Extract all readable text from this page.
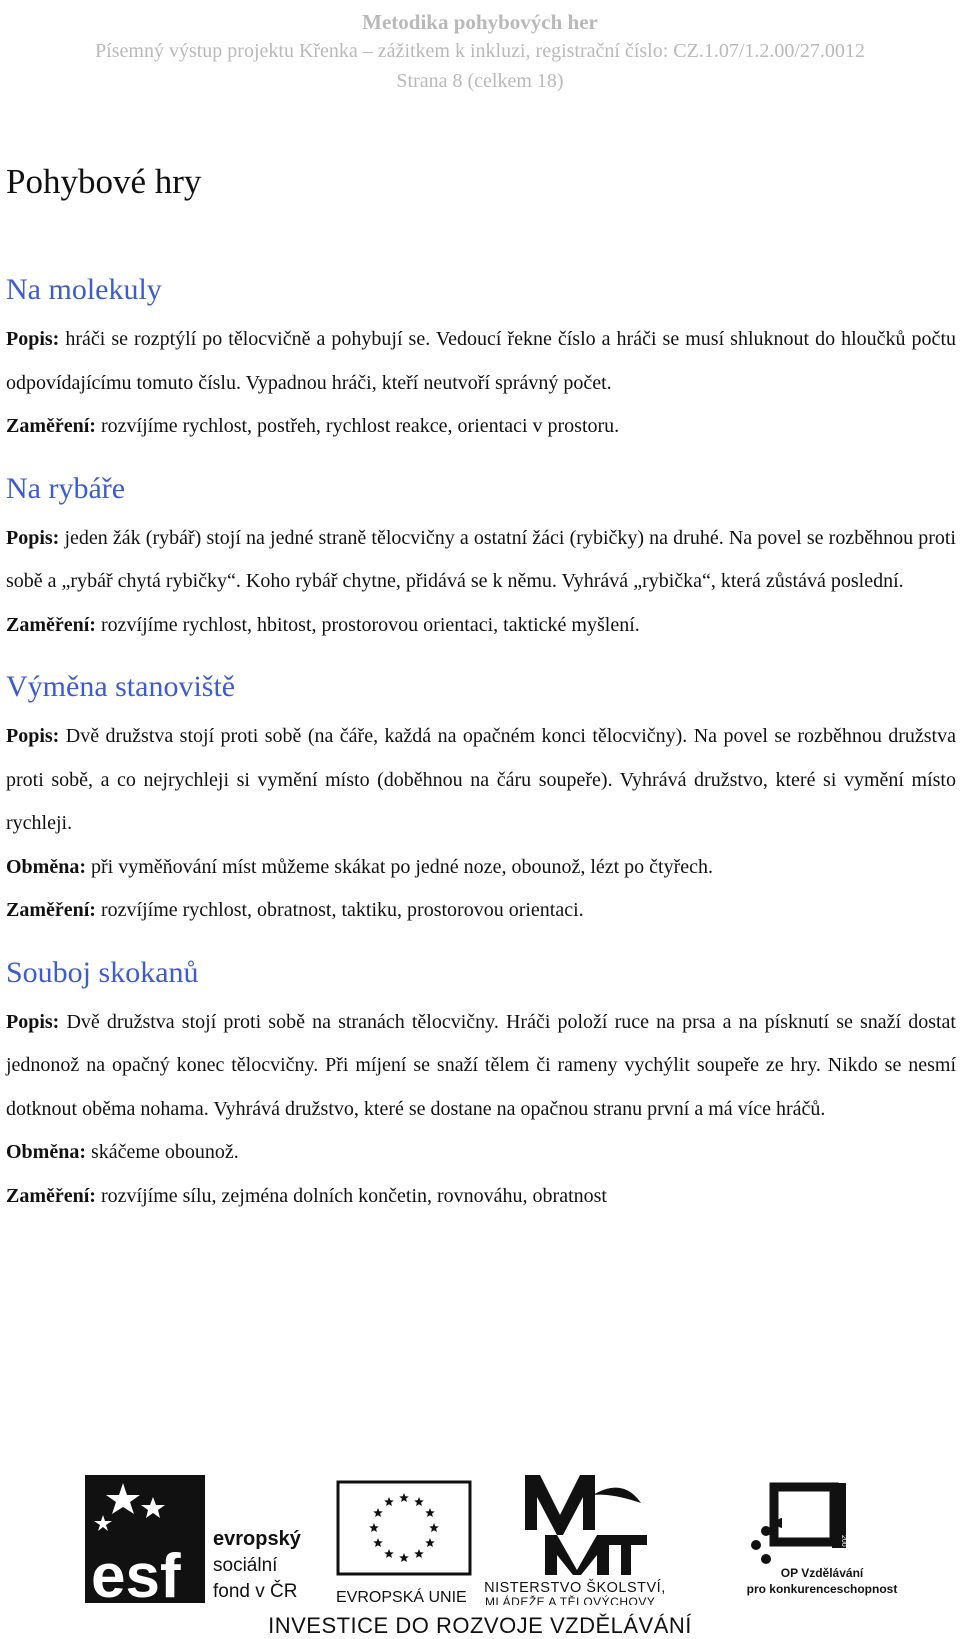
Metodika pohybových her
Písemný výstup projektu Křenka – zážitkem k inkluzi, registrační číslo: CZ.1.07/1.2.00/27.0012
Strana 8 (celkem 18)
Pohybové hry
Na molekuly

Popis: hráči se rozptýlí po tělocvičně a pohybují se. Vedoucí řekne číslo a hráči se musí shluknout do hloučků počtu odpovídajícímu tomuto číslu. Vypadnou hráči, kteří neutvoří správný počet.

Zaměření: rozvíjíme rychlost, postřeh, rychlost reakce, orientaci v prostoru.

Na rybáře

Popis: jeden žák (rybář) stojí na jedné straně tělocvičny a ostatní žáci (rybičky) na druhé. Na povel se rozběhnou proti sobě a „rybář chytá rybičky“. Koho rybář chytne, přidává se k němu. Vyhrává „rybička“, která zůstává poslední.

Zaměření: rozvíjíme rychlost, hbitost, prostorovou orientaci, taktické myšlení.

Výměna stanoviště

Popis: Dvě družstva stojí proti sobě (na čáře, každá na opačném konci tělocvičny). Na povel se rozběhnou družstva proti sobě, a co nejrychleji si vymění místo (doběhnou na čáru soupeře). Vyhrává družstvo, které si vymění místo rychleji.

Obměna: při vyměňování míst můžeme skákat po jedné noze, obounož, lézt po čtyřech.

Zaměření: rozvíjíme rychlost, obratnost, taktiku, prostorovou orientaci.

Souboj skokanů

Popis: Dvě družstva stojí proti sobě na stranách tělocvičny. Hráči položí ruce na prsa a na písknutí se snaží dostat jednonož na opačný konec tělocvičny. Při míjení se snaží tělem či rameny vychýlit soupeře ze hry. Nikdo se nesmí dotknout oběma nohama. Vyhrává družstvo, které se dostane na opačnou stranu první a má více hráčů.

Obměna: skáčeme obounož.

Zaměření: rozvíjíme sílu, zejména dolních končetin, rovnováhu, obratnost

esf
evropský
sociální
fond v ČR EVROPSKÁ UNIE
MINISTERSTVO ŠKOLSTVÍ,
MLÁDEŽE A TĚLOVÝCHOVY
2007-13
OP Vzdělávání
pro konkurenceschopnost
INVESTICE DO ROZVOJE VZDĚLÁVÁNÍ
